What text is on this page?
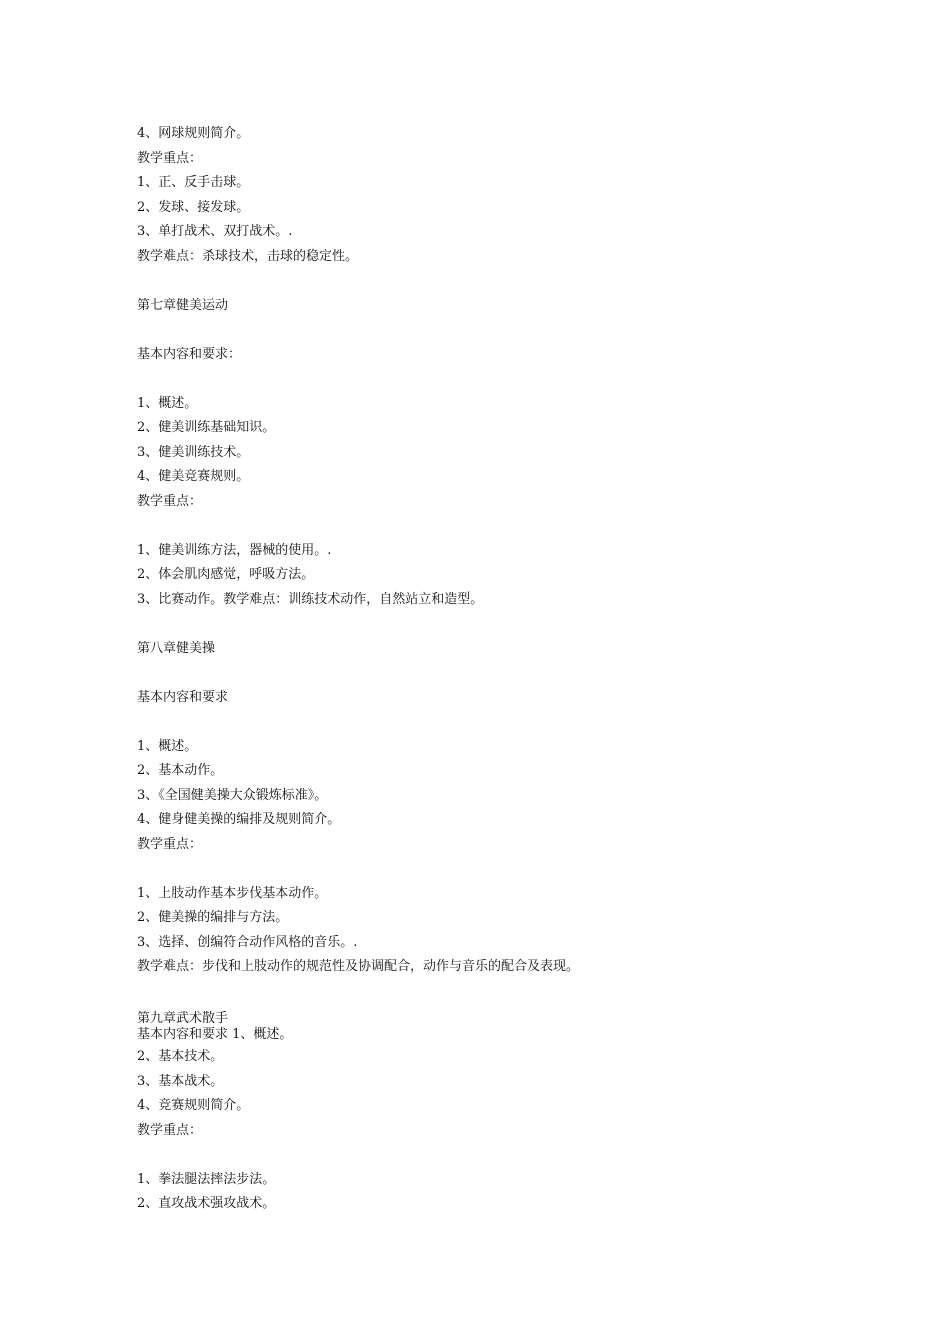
4、网球规则简介。

教学重点：

1、正、反手击球。

2、发球、接发球。

3、单打战术、双打战术。.

教学难点：杀球技术，击球的稳定性。

第七章健美运动

基本内容和要求：

1、概述。

2、健美训练基础知识。

3、健美训练技术。

4、健美竞赛规则。

教学重点：

1、健美训练方法，器械的使用。.

2、体会肌肉感觉，呼吸方法。

3、比赛动作。教学难点：训练技术动作，自然站立和造型。

第八章健美操

基本内容和要求

1、概述。

2、基本动作。

3、《全国健美操大众锻炼标准》。

4、健身健美操的编排及规则简介。

教学重点：

1、上肢动作基本步伐基本动作。

2、健美操的编排与方法。

3、选择、创编符合动作风格的音乐。.

教学难点：步伐和上肢动作的规范性及协调配合，动作与音乐的配合及表现。

第九章武术散手

基本内容和要求 1、概述。

2、基本技术。

3、基本战术。

4、竞赛规则简介。

教学重点：

1、拳法腿法摔法步法。

2、直攻战术强攻战术。
